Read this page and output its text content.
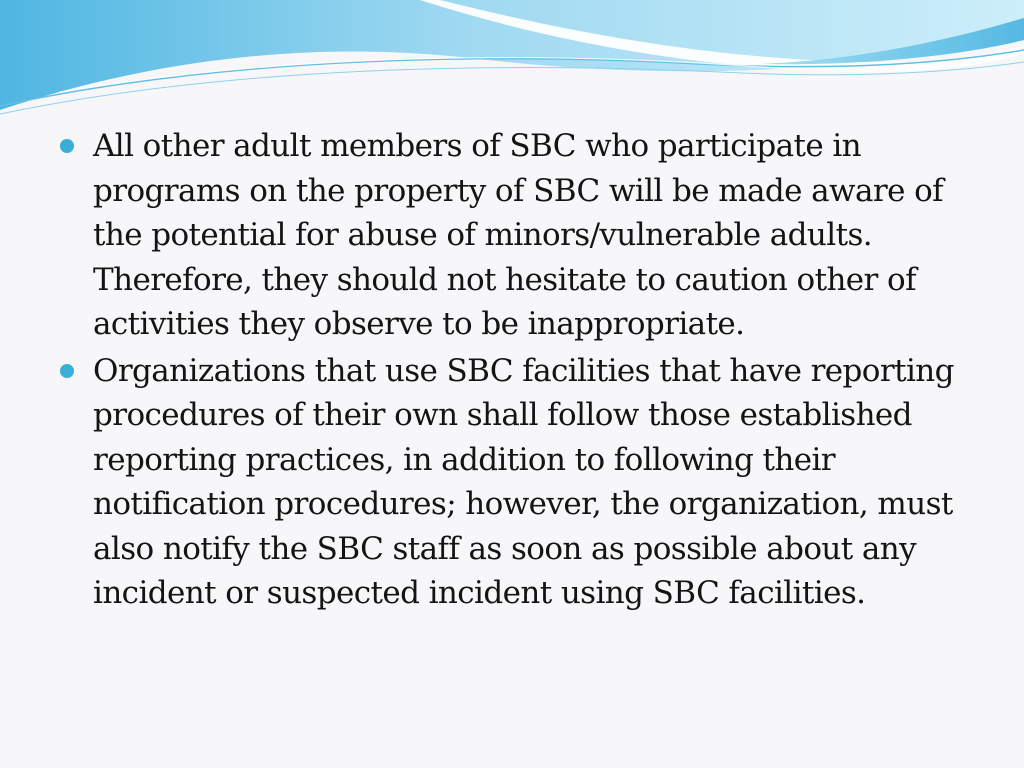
All other adult members of SBC who participate in programs on the property of SBC will be made aware of the potential for abuse of minors/vulnerable adults. Therefore, they should not hesitate to caution other of activities they observe to be inappropriate.
Organizations that use SBC facilities that have reporting procedures of their own shall follow those established reporting practices, in addition to following their notification procedures; however, the organization, must also notify the SBC staff as soon as possible about any incident or suspected incident using SBC facilities.
